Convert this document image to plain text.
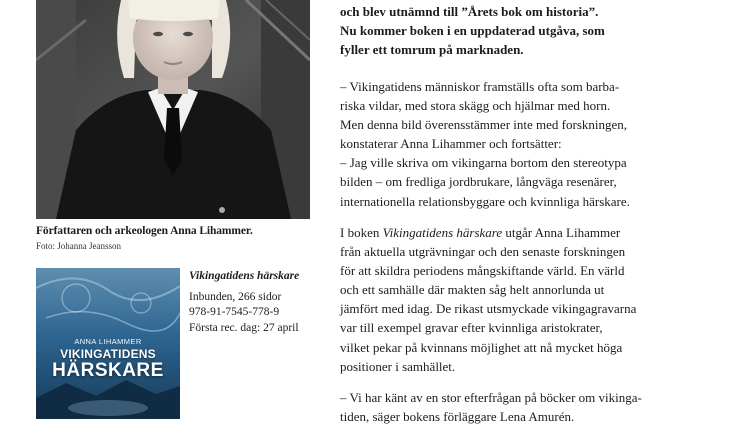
Författaren och arkeologen Anna Lihammer.
Foto: Johanna Jeansson
ANNA LIHAMMER
VIKINGATIDENS
HÄRSKARE
Vikingatidens härskare
Inbunden, 266 sidor
978-91-7545-778-9
Första rec. dag: 27 april

och blev utnämnd till ”Årets bok om historia”.
Nu kommer boken i en uppdaterad utgåva, som
fyller ett tomrum på marknaden.

– Vikingatidens människor framställs ofta som barba-
riska vildar, med stora skägg och hjälmar med horn.
Men denna bild överensstämmer inte med forskningen,
konstaterar Anna Lihammer och fortsätter:
– Jag ville skriva om vikingarna bortom den stereotypa
bilden – om fredliga jordbrukare, långväga resenärer,
internationella relationsbyggare och kvinnliga härskare.

I boken Vikingatidens härskare utgår Anna Lihammer
från aktuella utgrävningar och den senaste forskningen
för att skildra periodens mångskiftande värld. En värld
och ett samhälle där makten såg helt annorlunda ut
jämfört med idag. De rikast utsmyckade vikingagravarna
var till exempel gravar efter kvinnliga aristokrater,
vilket pekar på kvinnans möjlighet att nå mycket höga
positioner i samhället.

– Vi har känt av en stor efterfrågan på böcker om vikinga-
tiden, säger bokens förläggare Lena Amurén.
